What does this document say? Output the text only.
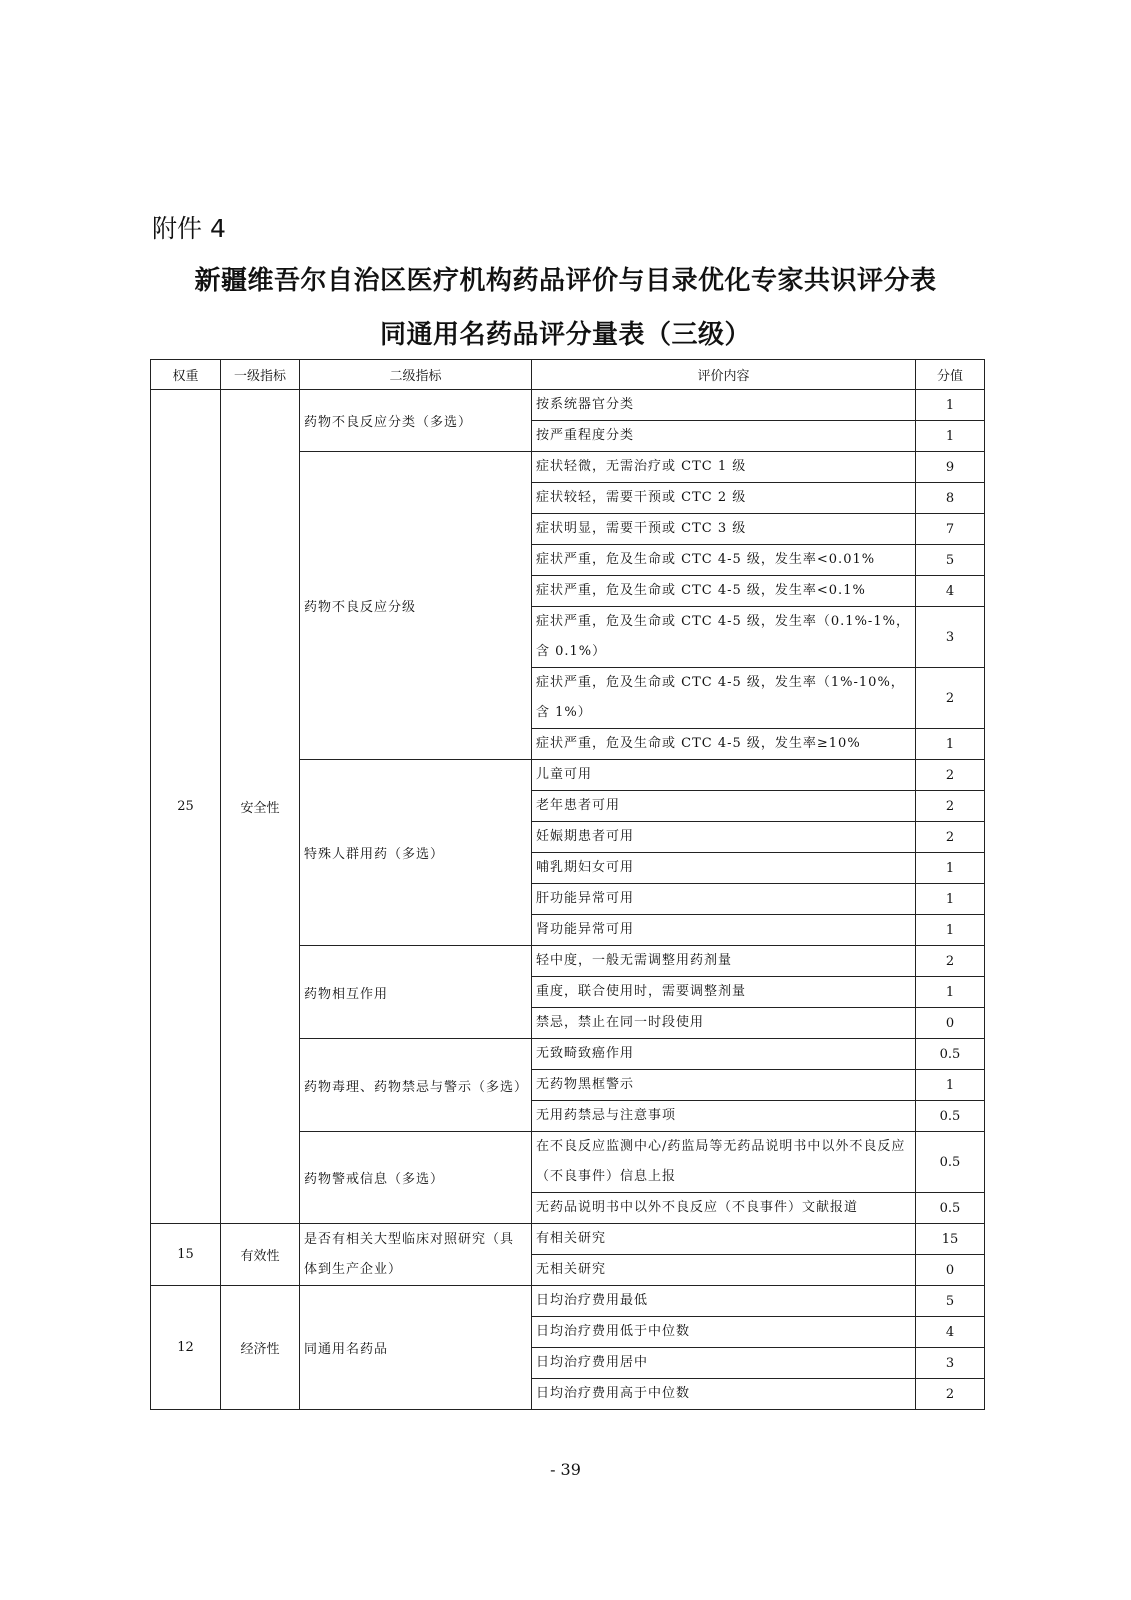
附件 4
新疆维吾尔自治区医疗机构药品评价与目录优化专家共识评分表
同通用名药品评分量表（三级）
权重	一级指标	二级指标	评价内容	分值
25	安全性	药物不良反应分类（多选）	按系统器官分类	1
			按严重程度分类	1
		药物不良反应分级	症状轻微，无需治疗或 CTC 1 级	9
			症状较轻，需要干预或 CTC 2 级	8
			症状明显，需要干预或 CTC 3 级	7
			症状严重，危及生命或 CTC 4-5 级，发生率<0.01%	5
			症状严重，危及生命或 CTC 4-5 级，发生率<0.1%	4
			症状严重，危及生命或 CTC 4-5 级，发生率（0.1%-1%，含 0.1%）	3
			症状严重，危及生命或 CTC 4-5 级，发生率（1%-10%，含 1%）	2
			症状严重，危及生命或 CTC 4-5 级，发生率≥10%	1
		特殊人群用药（多选）	儿童可用	2
			老年患者可用	2
			妊娠期患者可用	2
			哺乳期妇女可用	1
			肝功能异常可用	1
			肾功能异常可用	1
		药物相互作用	轻中度，一般无需调整用药剂量	2
			重度，联合使用时，需要调整剂量	1
			禁忌，禁止在同一时段使用	0
		药物毒理、药物禁忌与警示（多选）	无致畸致癌作用	0.5
			无药物黑框警示	1
			无用药禁忌与注意事项	0.5
		药物警戒信息（多选）	在不良反应监测中心/药监局等无药品说明书中以外不良反应（不良事件）信息上报	0.5
			无药品说明书中以外不良反应（不良事件）文献报道	0.5
15	有效性	是否有相关大型临床对照研究（具体到生产企业）	有相关研究	15
			无相关研究	0
12	经济性	同通用名药品	日均治疗费用最低	5
			日均治疗费用低于中位数	4
			日均治疗费用居中	3
			日均治疗费用高于中位数	2
- 39
